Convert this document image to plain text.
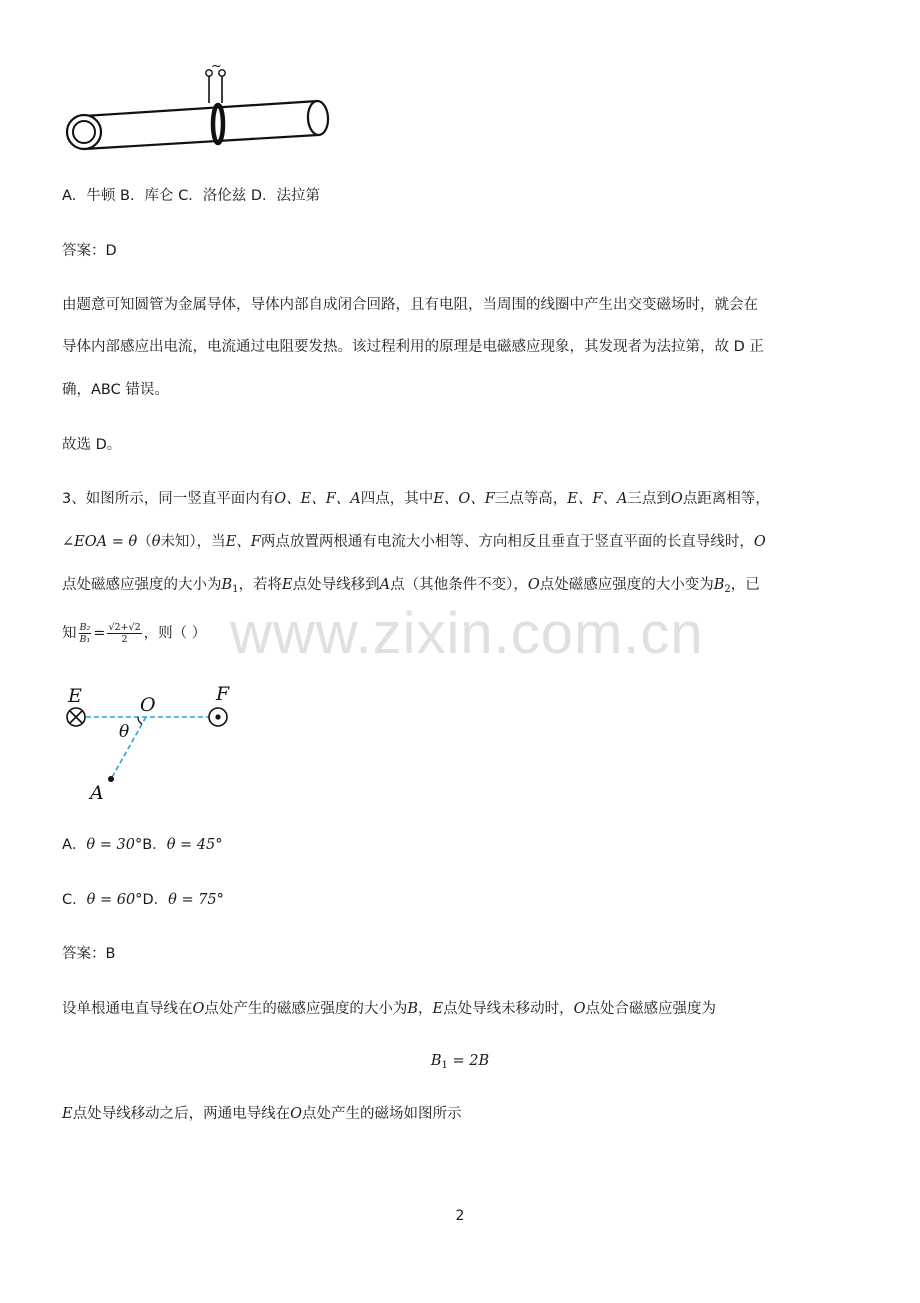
~
A．牛顿 B．库仑 C．洛伦兹 D．法拉第
答案：D
由题意可知圆管为金属导体，导体内部自成闭合回路，且有电阻，当周围的线圈中产生出交变磁场时，就会在
导体内部感应出电流，电流通过电阻要发热。该过程利用的原理是电磁感应现象，其发现者为法拉第，故 D 正
确，ABC 错误。
故选 D。
3、如图所示，同一竖直平面内有O、E、F、A四点，其中E、O、F三点等高，E、F、A三点到O点距离相等，
∠EOA = θ（θ未知），当E、F两点放置两根通有电流大小相等、方向相反且垂直于竖直平面的长直导线时，O
点处磁感应强度的大小为$B_1$，若将E点处导线移到A点（其他条件不变），O点处磁感应强度的大小变为$B_2$，已
知 $\frac{\text{B₂}}{\text{B₁}} = \frac{√2+√2}{2}$ ，则（ ） www.zixin.com.cn
E	O	F
θ
A
A．θ = 30°B．θ = 45°
C．θ = 60°D．θ = 75°
答案：B
设单根通电直导线在O点处产生的磁感应强度的大小为B，E点处导线未移动时，O点处合磁感应强度为
$B_1 = 2B$
E点处导线移动之后，两通电导线在O点处产生的磁场如图所示
2
